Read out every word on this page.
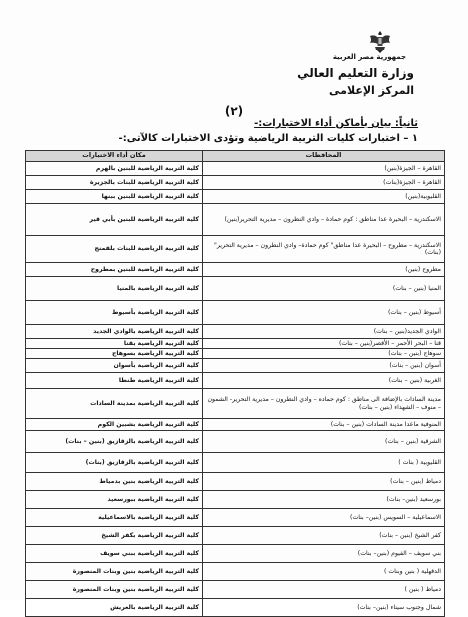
جمهورية مصر العربية
وزارة التعليم العالي
المركز الإعلامى
(٢)
ثانياً: بيان بأماكن أداء الاختبارات:-
١ – اختبارات كليات التربية الرياضية وتؤدى الاختبارات كالآتى:-
المحافظات	مكان أداء الاختبارات
القاهرة – الجيزة(بنين)	كلية التربية الرياضية للبنين بالهرم
القاهرة – الجيزة(بنات)	كلية التربية الرياضية للبنات بالجزيرة
القليوبية(بنين)	كلية التربية الرياضية للبنين ببنها
الاسكندرية – البحيرة عدا مناطق : كوم حمادة – وادي النطرون – مديرية التحرير(بنين)	كلية التربية الرياضية للبنين بأبي قير
الاسكندرية – مطروح – البحيرة عدا مناطق" كوم حمادة– وادي النطرون – مديرية التحرير"(بنات)	كلية التربية الرياضية للبنات بلقمنج
مطروح (بنين)	كلية التربية الرياضية للبنين بمطروح
المنيا (بنين – بنات)	كلية التربية الرياضية بالمنيا
أسيوط (بنين – بنات)	كلية التربية الرياضية بأسيوط
الوادي الجديد(بنين – بنات)	كلية التربية الرياضية بالوادي الجديد
قنا – البحر الأحمر – الأقصر(بنين – بنات)	كلية التربية الرياضية بقنا
سوهاج (بنين – بنات)	كلية التربية الرياضية بسوهاج
أسوان (بنين – بنات)	كلية التربية الرياضية بأسوان
الغربية (بنين – بنات)	كلية التربية الرياضية طنطا
مدينة السادات بالإضافة الى مناطق : كوم حماده – وادي النطرون – مديرية التحرير- الشمون – منوف – الشهداء (بنين – بنات)	كلية التربية الرياضية بمدينة السادات
المنوفية ماعدا مدينة السادات (بنين – بنات)	كلية التربية الرياضية بشبين الكوم
الشرقية (بنين – بنات)	كلية التربية الرياضية بالزقازيق (بنين – بنات)
القليوبية ( بنات )	كلية التربية الرياضية بالزقازيق (بنات)
دمياط (بنين – بنات)	كلية التربية الرياضية بنين بدمياط
بورسعيد (بنين– بنات)	كلية التربية الرياضية ببورسعيد
الاسماعيلية – السويس (بنين– بنات)	كلية التربية الرياضية بالاسماعيلية
كفر الشيخ (بنين – بنات)	كلية التربية الرياضية بكفر الشيخ
بني سويف – الفيوم (بنين– بنات)	كلية التربية الرياضية ببني سويف
الدقهلية ( بنين وبنات )	كلية التربية الرياضية بنين وبنات المنصورة
دمياط ( بنين )	كلية التربية الرياضية بنين وبنات المنصورة
شمال وجنوب سيناء (بنين– بنات)	كلية التربية الرياضية بالعريش
